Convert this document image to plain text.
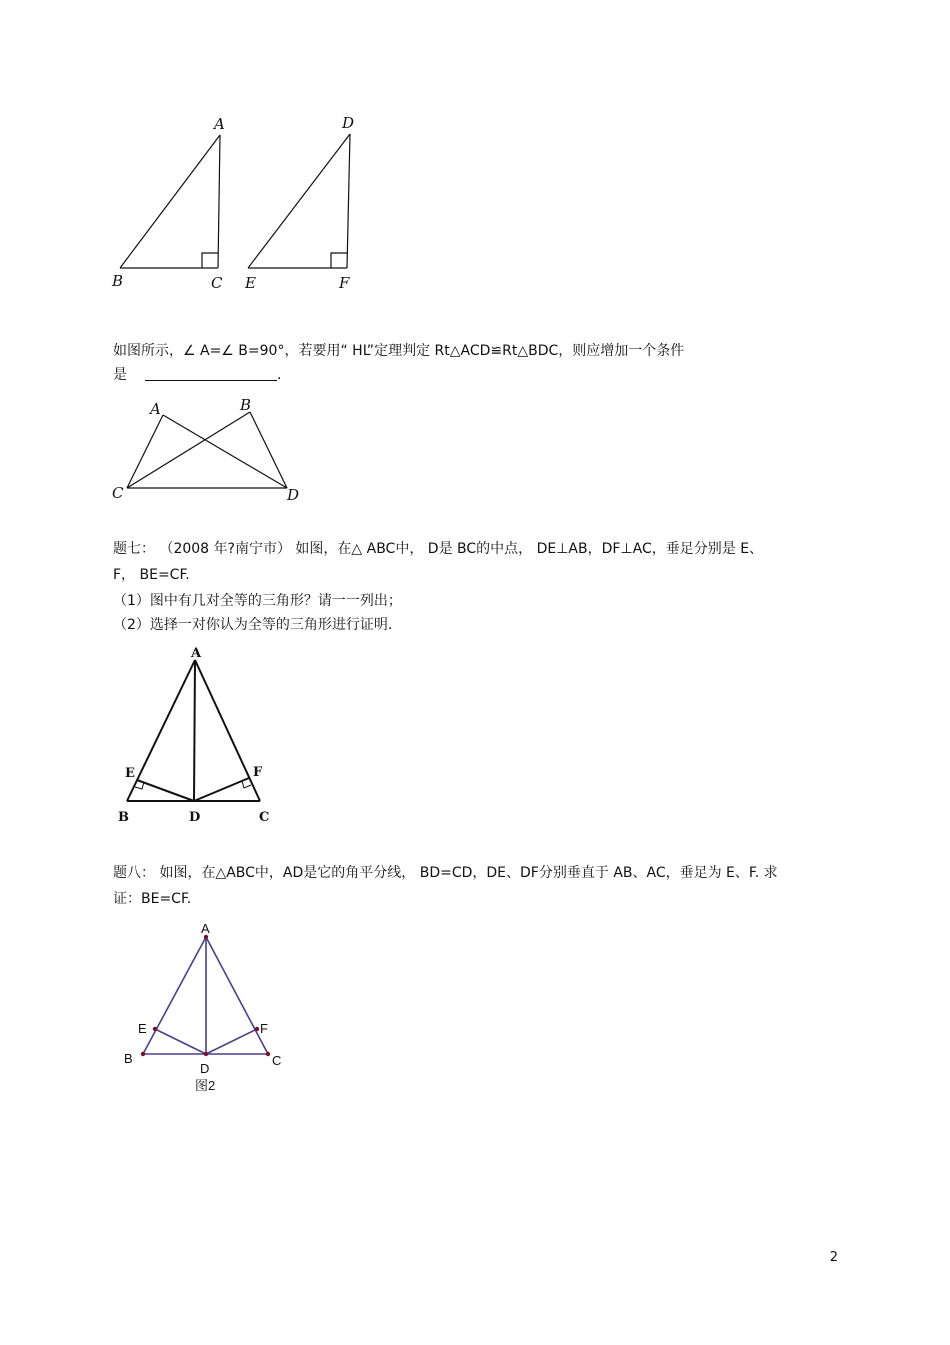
A
B	C
D
E	F
如图所示，∠ A=∠ B=90°，若要用“ HL”定理判定 Rt△ACD≌Rt△BDC，则应增加一个条件
是	.
A	B
C	D
题七： （2008 年?南宁市） 如图，在△ ABC中， D是 BC的中点， DE⊥AB，DF⊥AC，垂足分别是 E、
F， BE=CF.
（1）图中有几对全等的三角形？请一一列出；
（2）选择一对你认为全等的三角形进行证明.
A
B	C
D
E	F
题八： 如图，在△ABC中，AD是它的角平分线， BD=CD，DE、DF分别垂直于 AB、AC，垂足为 E、F. 求
证：BE=CF.
A
B	C
D
E	F
图2
2
